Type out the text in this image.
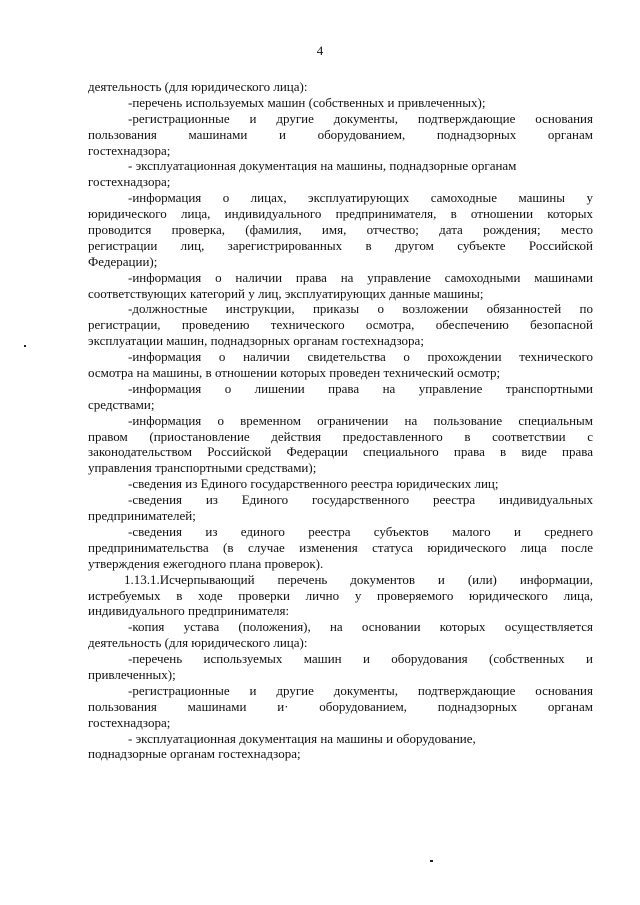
4
деятельность (для юридического лица):
-перечень используемых машин (собственных и привлеченных);
-регистрационные и другие документы, подтверждающие основания
пользования машинами и оборудованием, поднадзорных органам
гостехнадзора;
- эксплуатационная документация на машины, поднадзорные органам
гостехнадзора;
-информация о лицах, эксплуатирующих самоходные машины у
юридического лица, индивидуального предпринимателя, в отношении которых
проводится проверка, (фамилия, имя, отчество; дата рождения; место
регистрации лиц, зарегистрированных в другом субъекте Российской
Федерации);
-информация о наличии права на управление самоходными машинами
соответствующих категорий у лиц, эксплуатирующих данные машины;
-должностные инструкции, приказы о возложении обязанностей по
регистрации, проведению технического осмотра, обеспечению безопасной
эксплуатации машин, поднадзорных органам гостехнадзора;
-информация о наличии свидетельства о прохождении технического
осмотра на машины, в отношении которых проведен технический осмотр;
-информация о лишении права на управление транспортными
средствами;
-информация о временном ограничении на пользование специальным
правом (приостановление действия предоставленного в соответствии с
законодательством Российской Федерации специального права в виде права
управления транспортными средствами);
-сведения из Единого государственного реестра юридических лиц;
-сведения из Единого государственного реестра индивидуальных
предпринимателей;
-сведения из единого реестра субъектов малого и среднего
предпринимательства (в случае изменения статуса юридического лица после
утверждения ежегодного плана проверок).
1.13.1.Исчерпывающий перечень документов и (или) информации,
истребуемых в ходе проверки лично у проверяемого юридического лица,
индивидуального предпринимателя:
-копия устава (положения), на основании которых осуществляется
деятельность (для юридического лица):
-перечень используемых машин и оборудования (собственных и
привлеченных);
-регистрационные и другие документы, подтверждающие основания
пользования машинами и· оборудованием, поднадзорных органам
гостехнадзора;
- эксплуатационная документация на машины и оборудование,
поднадзорные органам гостехнадзора;
